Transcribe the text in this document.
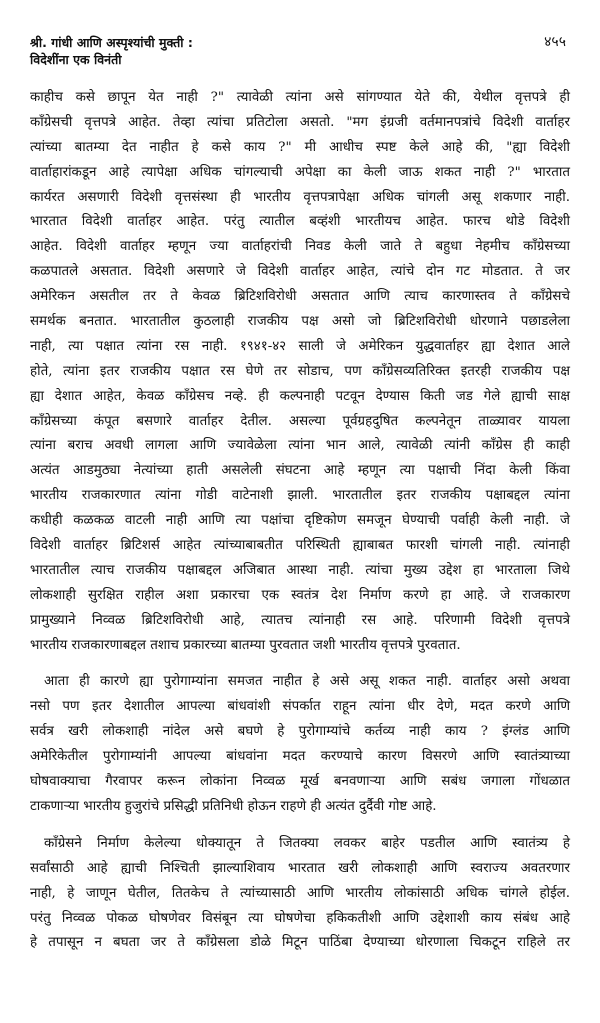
श्री. गांधी आणि अस्पृश्यांची मुक्ती :
विदेशींना एक विनंती
४५५
काहीच कसे छापून येत नाही ?" त्यावेळी त्यांना असे सांगण्यात येते की, येथील वृत्तपत्रे ही
कॉंग्रेसची वृत्तपत्रे आहेत. तेव्हा त्यांचा प्रतिटोला असतो. "मग इंग्रजी वर्तमानपत्रांचे विदेशी वार्ताहर
त्यांच्या बातम्या देत नाहीत हे कसे काय ?" मी आधीच स्पष्ट केले आहे की, "ह्या विदेशी
वार्ताहारांकडून आहे त्यापेक्षा अधिक चांगल्याची अपेक्षा का केली जाऊ शकत नाही ?" भारतात
कार्यरत असणारी विदेशी वृत्तसंस्था ही भारतीय वृत्तपत्रापेक्षा अधिक चांगली असू शकणार नाही.
भारतात विदेशी वार्ताहर आहेत. परंतु त्यातील बव्हंशी भारतीयच आहेत. फारच थोडे विदेशी
आहेत. विदेशी वार्ताहर म्हणून ज्या वार्ताहरांची निवड केली जाते ते बहुधा नेहमीच कॉंग्रेसच्या
कळपातले असतात. विदेशी असणारे जे विदेशी वार्ताहर आहेत, त्यांचे दोन गट मोडतात. ते जर
अमेरिकन असतील तर ते केवळ ब्रिटिशविरोधी असतात आणि त्याच कारणास्तव ते कॉंग्रेसचे
समर्थक बनतात. भारतातील कुठलाही राजकीय पक्ष असो जो ब्रिटिशविरोधी धोरणाने पछाडलेला
नाही, त्या पक्षात त्यांना रस नाही. १९४१-४२ साली जे अमेरिकन युद्धवार्ताहर ह्या देशात आले
होते, त्यांना इतर राजकीय पक्षात रस घेणे तर सोडाच, पण कॉंग्रेसव्यतिरिक्त इतरही राजकीय पक्ष
ह्या देशात आहेत, केवळ कॉंग्रेसच नव्हे. ही कल्पनाही पटवून देण्यास किती जड गेले ह्याची साक्ष
कॉंग्रेसच्या कंपूत बसणारे वार्ताहर देतील. असल्या पूर्वग्रहदुषित कल्पनेतून ताळ्यावर यायला
त्यांना बराच अवधी लागला आणि ज्यावेळेला त्यांना भान आले, त्यावेळी त्यांनी कॉंग्रेस ही काही
अत्यंत आडमुठ्या नेत्यांच्या हाती असलेली संघटना आहे म्हणून त्या पक्षाची निंदा केली किंवा
भारतीय राजकारणात त्यांना गोडी वाटेनाशी झाली. भारतातील इतर राजकीय पक्षाबद्दल त्यांना
कधीही कळकळ वाटली नाही आणि त्या पक्षांचा दृष्टिकोण समजून घेण्याची पर्वाही केली नाही. जे
विदेशी वार्ताहर ब्रिटिशर्स आहेत त्यांच्याबाबतीत परिस्थिती ह्याबाबत फारशी चांगली नाही. त्यांनाही
भारतातील त्याच राजकीय पक्षाबद्दल अजिबात आस्था नाही. त्यांचा मुख्य उद्देश हा भारताला जिथे
लोकशाही सुरक्षित राहील अशा प्रकारचा एक स्वतंत्र देश निर्माण करणे हा आहे. जे राजकारण
प्रामुख्याने निव्वळ ब्रिटिशविरोधी आहे, त्यातच त्यांनाही रस आहे. परिणामी विदेशी वृत्तपत्रे
भारतीय राजकारणाबद्दल तशाच प्रकारच्या बातम्या पुरवतात जशी भारतीय वृत्तपत्रे पुरवतात.
आता ही कारणे ह्या पुरोगाम्यांना समजत नाहीत हे असे असू शकत नाही. वार्ताहर असो अथवा
नसो पण इतर देशातील आपल्या बांधवांशी संपर्कात राहून त्यांना धीर देणे, मदत करणे आणि
सर्वत्र खरी लोकशाही नांदेल असे बघणे हे पुरोगाम्यांचे कर्तव्य नाही काय ? इंग्लंड आणि
अमेरिकेतील पुरोगाम्यांनी आपल्या बांधवांना मदत करण्याचे कारण विसरणे आणि स्वातंत्र्याच्या
घोषवाक्याचा गैरवापर करून लोकांना निव्वळ मूर्ख बनवणाऱ्या आणि सबंध जगाला गोंधळात
टाकणाऱ्या भारतीय हुजुरांचे प्रसिद्धी प्रतिनिधी होऊन राहणे ही अत्यंत दुर्दैवी गोष्ट आहे.
कॉंग्रेसने निर्माण केलेल्या धोक्यातून ते जितक्या लवकर बाहेर पडतील आणि स्वातंत्र्य हे
सर्वांसाठी आहे ह्याची निश्चिती झाल्याशिवाय भारतात खरी लोकशाही आणि स्वराज्य अवतरणार
नाही, हे जाणून घेतील, तितकेच ते त्यांच्यासाठी आणि भारतीय लोकांसाठी अधिक चांगले होईल.
परंतु निव्वळ पोकळ घोषणेवर विसंबून त्या घोषणेचा हकिकतीशी आणि उद्देशाशी काय संबंध आहे
हे तपासून न बघता जर ते कॉंग्रेसला डोळे मिटून पाठिंबा देण्याच्या धोरणाला चिकटून राहिले तर
